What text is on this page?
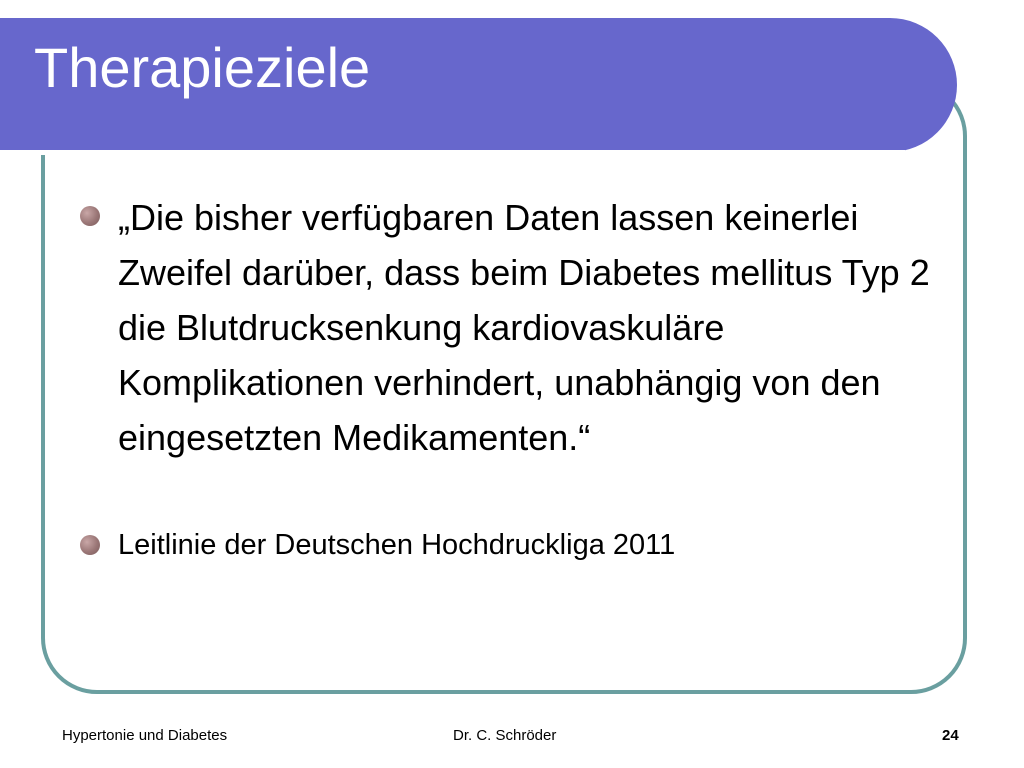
Therapieziele
„Die bisher verfügbaren Daten lassen keinerlei Zweifel darüber, dass beim Diabetes mellitus Typ 2 die Blutdrucksenkung kardiovaskuläre Komplikationen verhindert, unabhängig von den eingesetzten Medikamenten.“
Leitlinie der Deutschen Hochdruckliga 2011
Hypertonie und Diabetes	Dr. C. Schröder	24
